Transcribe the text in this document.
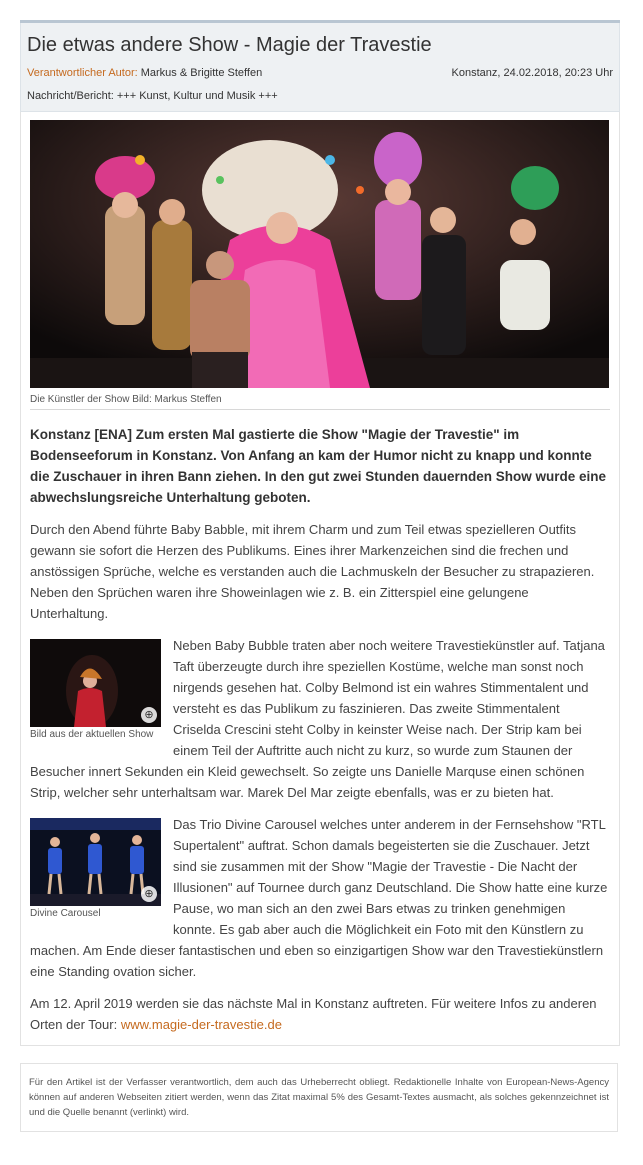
Die etwas andere Show - Magie der Travestie
Verantwortlicher Autor: Markus & Brigitte Steffen	Konstanz, 24.02.2018, 20:23 Uhr
Nachricht/Bericht: +++ Kunst, Kultur und Musik +++
Die Künstler der Show Bild: Markus Steffen

Konstanz [ENA] Zum ersten Mal gastierte die Show "Magie der Travestie" im Bodenseeforum in Konstanz. Von Anfang an kam der Humor nicht zu knapp und konnte die Zuschauer in ihren Bann ziehen. In den gut zwei Stunden dauernden Show wurde eine abwechslungsreiche Unterhaltung geboten.

Durch den Abend führte Baby Babble, mit ihrem Charm und zum Teil etwas spezielleren Outfits gewann sie sofort die Herzen des Publikums. Eines ihrer Markenzeichen sind die frechen und anstössigen Sprüche, welche es verstanden auch die Lachmuskeln der Besucher zu strapazieren. Neben den Sprüchen waren ihre Showeinlagen wie z. B. ein Zitterspiel eine gelungene Unterhaltung.

⊕
Bild aus der aktuellen Show
Neben Baby Bubble traten aber noch weitere Travestiekünstler auf. Tatjana Taft überzeugte durch ihre speziellen Kostüme, welche man sonst noch nirgends gesehen hat. Colby Belmond ist ein wahres Stimmentalent und versteht es das Publikum zu faszinieren. Das zweite Stimmentalent Criselda Crescini steht Colby in keinster Weise nach. Der Strip kam bei einem Teil der Auftritte auch nicht zu kurz, so wurde zum Staunen der Besucher innert Sekunden ein Kleid gewechselt. So zeigte uns Danielle Marquse einen schönen Strip, welcher sehr unterhaltsam war. Marek Del Mar zeigte ebenfalls, was er zu bieten hat.
⊕
Divine Carousel
Das Trio Divine Carousel welches unter anderem in der Fernsehshow "RTL Supertalent" auftrat. Schon damals begeisterten sie die Zuschauer. Jetzt sind sie zusammen mit der Show "Magie der Travestie - Die Nacht der Illusionen" auf Tournee durch ganz Deutschland. Die Show hatte eine kurze Pause, wo man sich an den zwei Bars etwas zu trinken genehmigen konnte. Es gab aber auch die Möglichkeit ein Foto mit den Künstlern zu machen. Am Ende dieser fantastischen und eben so einzigartigen Show war den Travestiekünstlern eine Standing ovation sicher.

Am 12. April 2019 werden sie das nächste Mal in Konstanz auftreten. Für weitere Infos zu anderen Orten der Tour: www.magie-der-travestie.de

Für den Artikel ist der Verfasser verantwortlich, dem auch das Urheberrecht obliegt. Redaktionelle Inhalte von European-News-Agency können auf anderen Webseiten zitiert werden, wenn das Zitat maximal 5% des Gesamt-Textes ausmacht, als solches gekennzeichnet ist und die Quelle benannt (verlinkt) wird.
